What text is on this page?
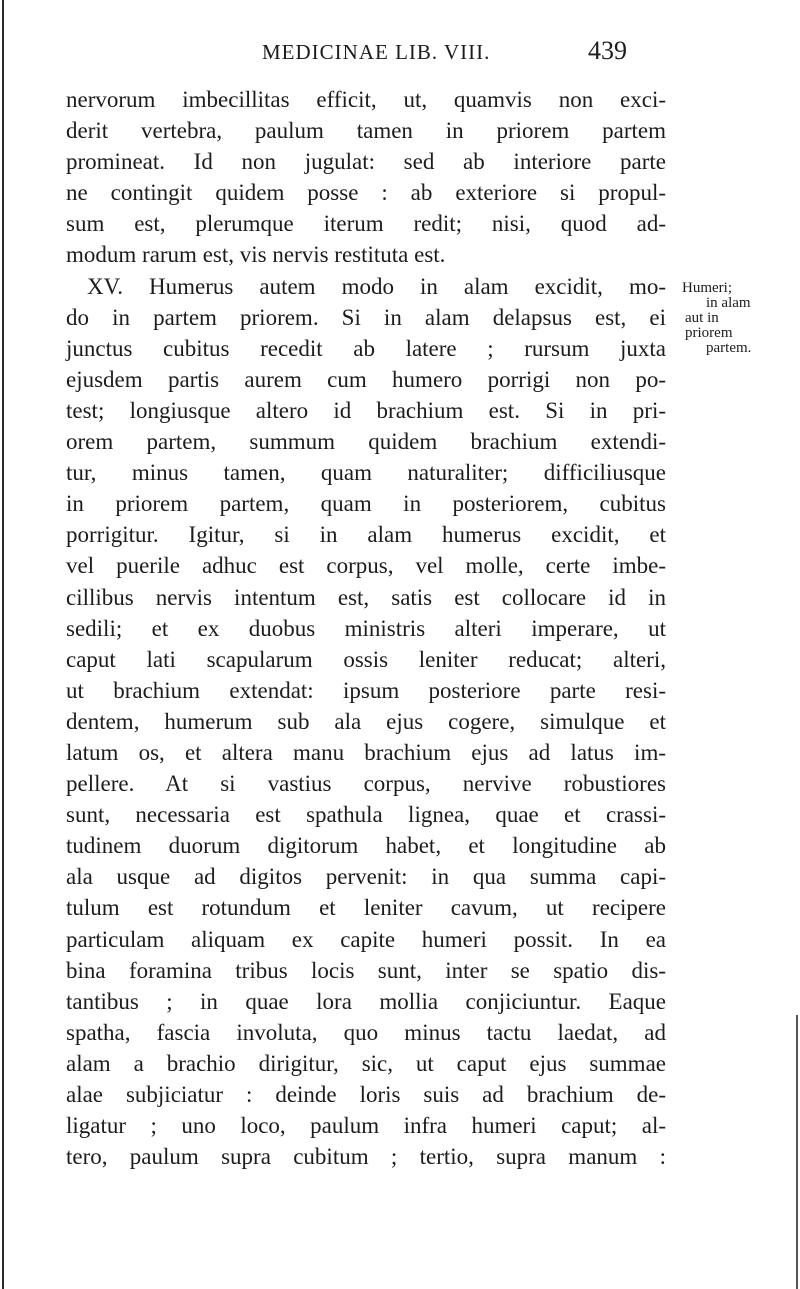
MEDICINAE LIB. VIII.	439
nervorum imbecillitas efficit, ut, quamvis non exci-
derit vertebra, paulum tamen in priorem partem
promineat. Id non jugulat: sed ab interiore parte
ne contingit quidem posse : ab exteriore si propul-
sum est, plerumque iterum redit; nisi, quod ad-
modum rarum est, vis nervis restituta est.
XV. Humerus autem modo in alam excidit, mo-
do in partem priorem. Si in alam delapsus est, ei
junctus cubitus recedit ab latere ; rursum juxta
ejusdem partis aurem cum humero porrigi non po-
test; longiusque altero id brachium est. Si in pri-
orem partem, summum quidem brachium extendi-
tur, minus tamen, quam naturaliter; difficiliusque
in priorem partem, quam in posteriorem, cubitus
porrigitur. Igitur, si in alam humerus excidit, et
vel puerile adhuc est corpus, vel molle, certe imbe-
cillibus nervis intentum est, satis est collocare id in
sedili; et ex duobus ministris alteri imperare, ut
caput lati scapularum ossis leniter reducat; alteri,
ut brachium extendat: ipsum posteriore parte resi-
dentem, humerum sub ala ejus cogere, simulque et
latum os, et altera manu brachium ejus ad latus im-
pellere. At si vastius corpus, nervive robustiores
sunt, necessaria est spathula lignea, quae et crassi-
tudinem duorum digitorum habet, et longitudine ab
ala usque ad digitos pervenit: in qua summa capi-
tulum est rotundum et leniter cavum, ut recipere
particulam aliquam ex capite humeri possit. In ea
bina foramina tribus locis sunt, inter se spatio dis-
tantibus ; in quae lora mollia conjiciuntur. Eaque
spatha, fascia involuta, quo minus tactu laedat, ad
alam a brachio dirigitur, sic, ut caput ejus summae
alae subjiciatur : deinde loris suis ad brachium de-
ligatur ; uno loco, paulum infra humeri caput; al-
tero, paulum supra cubitum ; tertio, supra manum :
Humeri;
in alam
aut in
priorem
partem.
